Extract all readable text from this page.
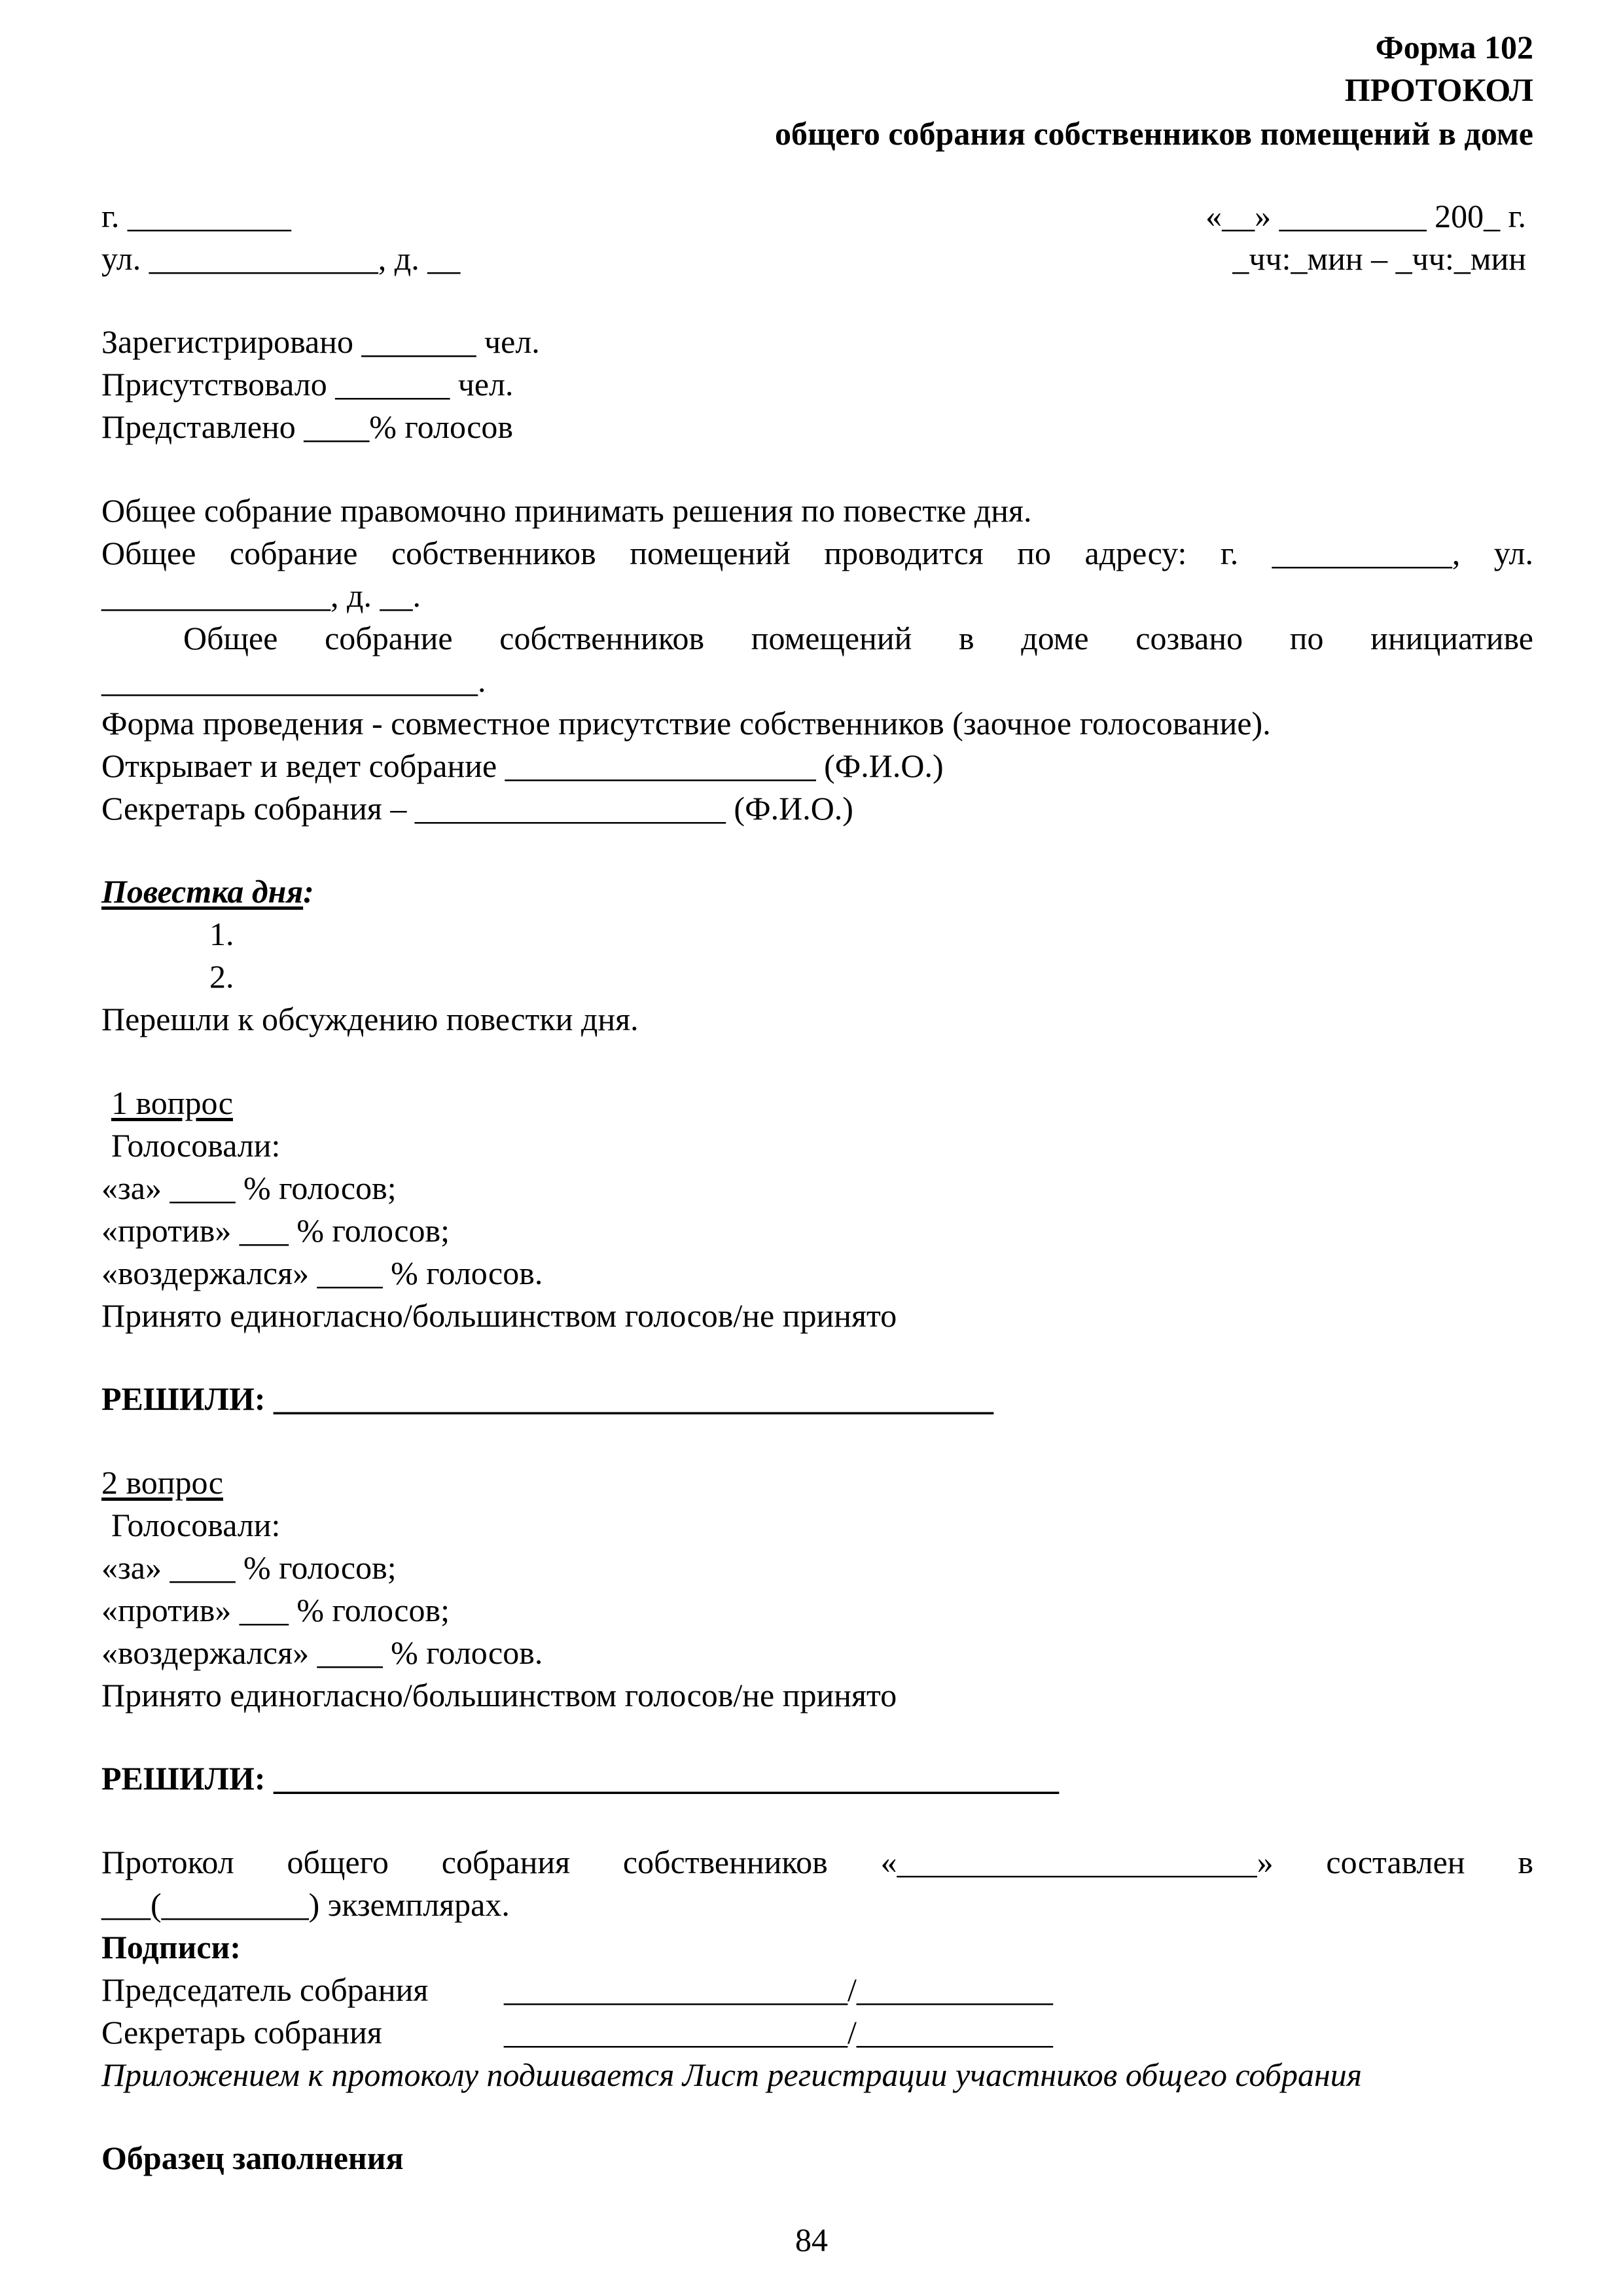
Форма 102
ПРОТОКОЛ
общего собрания собственников помещений в доме
г. __________	«__» _________ 200_ г.
ул. ______________, д. __	_чч:_мин – _чч:_мин
Зарегистрировано _______ чел.
Присутствовало _______ чел.
Представлено ____% голосов
Общее собрание правомочно принимать решения по повестке дня.
Общее собрание собственников помещений проводится по адресу: г. ___________, ул.
______________, д. __.
Общее собрание собственников помещений в доме созвано по инициативе
_______________________.
Форма проведения - совместное присутствие собственников (заочное голосование).
Открывает и ведет собрание ___________________ (Ф.И.О.)
Секретарь собрания – ___________________ (Ф.И.О.)
Повестка дня:
1.
2.
Перешли к обсуждению повестки дня.
1 вопрос
Голосовали:
«за» ____ % голосов;
«против» ___ % голосов;
«воздержался» ____ % голосов.
Принято единогласно/большинством голосов/не принято
РЕШИЛИ: ____________________________________________
2 вопрос
Голосовали:
«за» ____ % голосов;
«против» ___ % голосов;
«воздержался» ____ % голосов.
Принято единогласно/большинством голосов/не принято
РЕШИЛИ: ________________________________________________
Протокол общего собрания собственников «______________________» составлен в
___(_________) экземплярах.
Подписи:
Председатель собрания _____________________/____________
Секретарь собрания	_____________________/____________
Приложением к протоколу подшивается Лист регистрации участников общего собрания
Образец заполнения
84
